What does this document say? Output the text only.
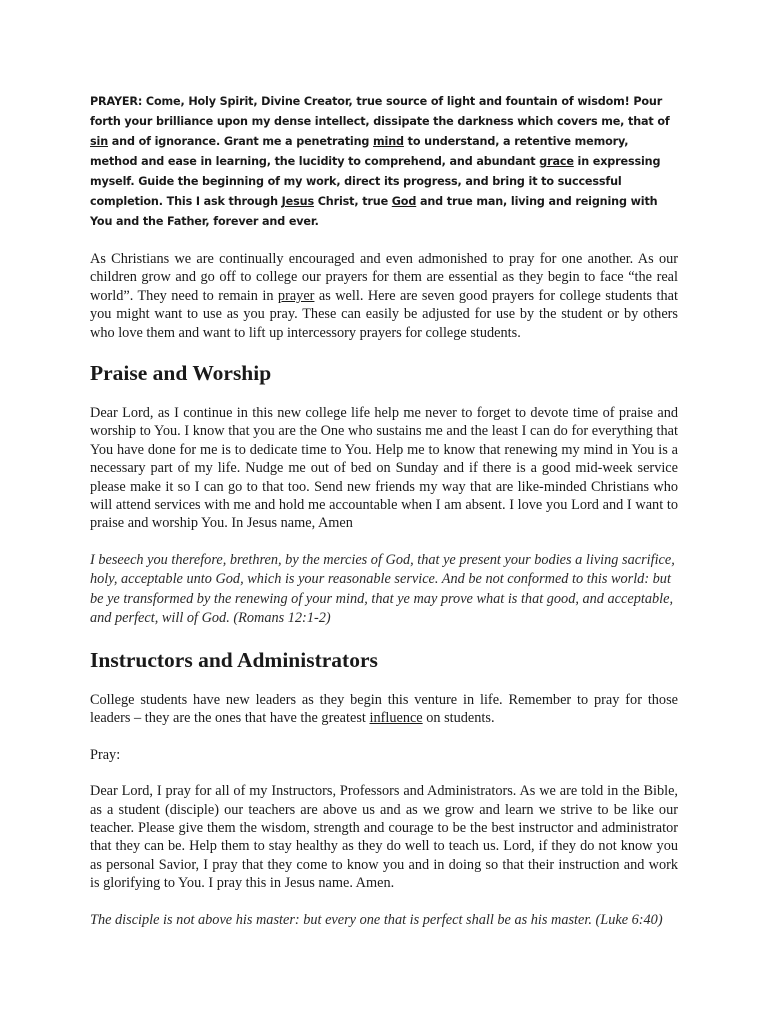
PRAYER: Come, Holy Spirit, Divine Creator, true source of light and fountain of wisdom! Pour forth your brilliance upon my dense intellect, dissipate the darkness which covers me, that of sin and of ignorance. Grant me a penetrating mind to understand, a retentive memory, method and ease in learning, the lucidity to comprehend, and abundant grace in expressing myself. Guide the beginning of my work, direct its progress, and bring it to successful completion. This I ask through Jesus Christ, true God and true man, living and reigning with You and the Father, forever and ever.

As Christians we are continually encouraged and even admonished to pray for one another. As our children grow and go off to college our prayers for them are essential as they begin to face “the real world”. They need to remain in prayer as well. Here are seven good prayers for college students that you might want to use as you pray. These can easily be adjusted for use by the student or by others who love them and want to lift up intercessory prayers for college students.

Praise and Worship

Dear Lord, as I continue in this new college life help me never to forget to devote time of praise and worship to You. I know that you are the One who sustains me and the least I can do for everything that You have done for me is to dedicate time to You. Help me to know that renewing my mind in You is a necessary part of my life. Nudge me out of bed on Sunday and if there is a good mid-week service please make it so I can go to that too. Send new friends my way that are like-minded Christians who will attend services with me and hold me accountable when I am absent. I love you Lord and I want to praise and worship You. In Jesus name, Amen

I beseech you therefore, brethren, by the mercies of God, that ye present your bodies a living sacrifice, holy, acceptable unto God, which is your reasonable service. And be not conformed to this world: but be ye transformed by the renewing of your mind, that ye may prove what is that good, and acceptable, and perfect, will of God. (Romans 12:1-2)

Instructors and Administrators

College students have new leaders as they begin this venture in life. Remember to pray for those leaders – they are the ones that have the greatest influence on students.

Pray:

Dear Lord, I pray for all of my Instructors, Professors and Administrators. As we are told in the Bible, as a student (disciple) our teachers are above us and as we grow and learn we strive to be like our teacher. Please give them the wisdom, strength and courage to be the best instructor and administrator that they can be. Help them to stay healthy as they do well to teach us. Lord, if they do not know you as personal Savior, I pray that they come to know you and in doing so that their instruction and work is glorifying to You. I pray this in Jesus name. Amen.

The disciple is not above his master: but every one that is perfect shall be as his master. (Luke 6:40)
